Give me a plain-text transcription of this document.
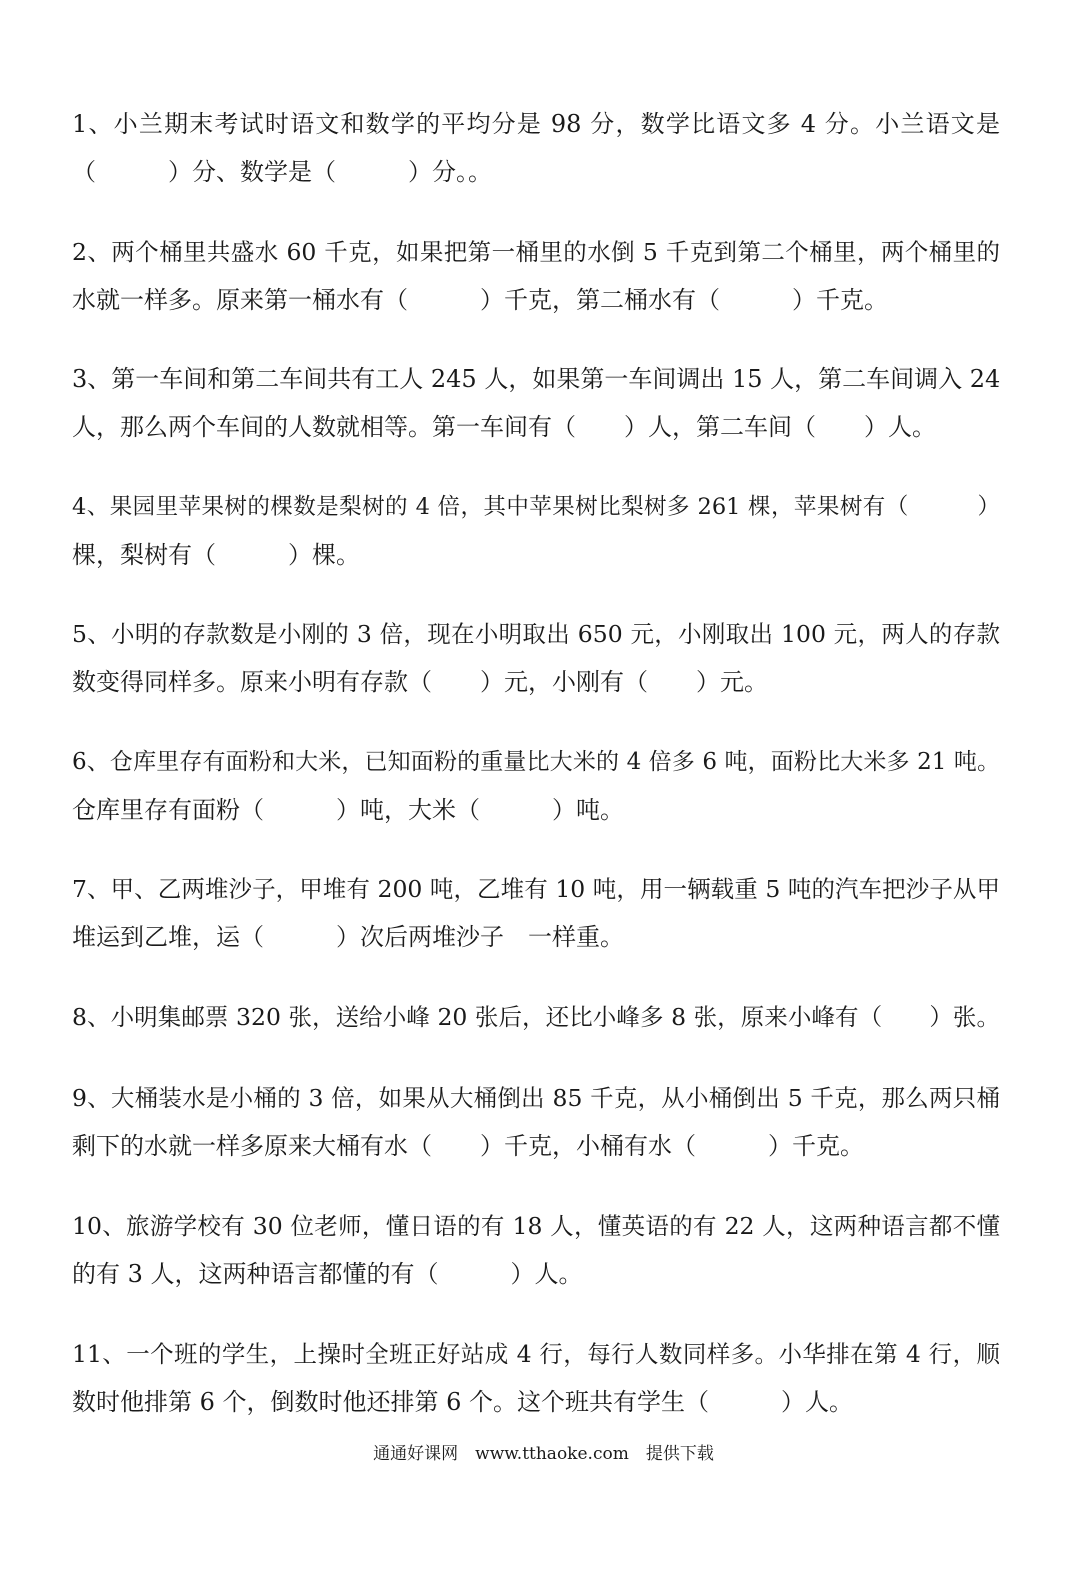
1、小兰期末考试时语文和数学的平均分是 98 分，数学比语文多 4 分。小兰语文是
（　　　）分、数学是（　　　）分。。
2、两个桶里共盛水 60 千克，如果把第一桶里的水倒 5 千克到第二个桶里，两个桶里的
水就一样多。原来第一桶水有（　　　）千克，第二桶水有（　　　）千克。
3、第一车间和第二车间共有工人 245 人，如果第一车间调出 15 人，第二车间调入 24
人，那么两个车间的人数就相等。第一车间有（　　）人，第二车间（　　）人。
4、果园里苹果树的棵数是梨树的 4 倍，其中苹果树比梨树多 261 棵，苹果树有（　　　）
棵，梨树有（　　　）棵。
5、小明的存款数是小刚的 3 倍，现在小明取出 650 元，小刚取出 100 元，两人的存款
数变得同样多。原来小明有存款（　　）元，小刚有（　　）元。
6、仓库里存有面粉和大米，已知面粉的重量比大米的 4 倍多 6 吨，面粉比大米多 21 吨。
仓库里存有面粉（　　　）吨，大米（　　　）吨。
7、甲、乙两堆沙子，甲堆有 200 吨，乙堆有 10 吨，用一辆载重 5 吨的汽车把沙子从甲
堆运到乙堆，运（　　　）次后两堆沙子　一样重。
8、小明集邮票 320 张，送给小峰 20 张后，还比小峰多 8 张，原来小峰有（　　）张。
9、大桶装水是小桶的 3 倍，如果从大桶倒出 85 千克，从小桶倒出 5 千克，那么两只桶
剩下的水就一样多原来大桶有水（　　）千克，小桶有水（　　　）千克。
10、旅游学校有 30 位老师，懂日语的有 18 人，懂英语的有 22 人，这两种语言都不懂
的有 3 人，这两种语言都懂的有（　　　）人。
11、一个班的学生，上操时全班正好站成 4 行，每行人数同样多。小华排在第 4 行，顺
数时他排第 6 个，倒数时他还排第 6 个。这个班共有学生（　　　）人。
通通好课网　www.tthaoke.com　提供下载
